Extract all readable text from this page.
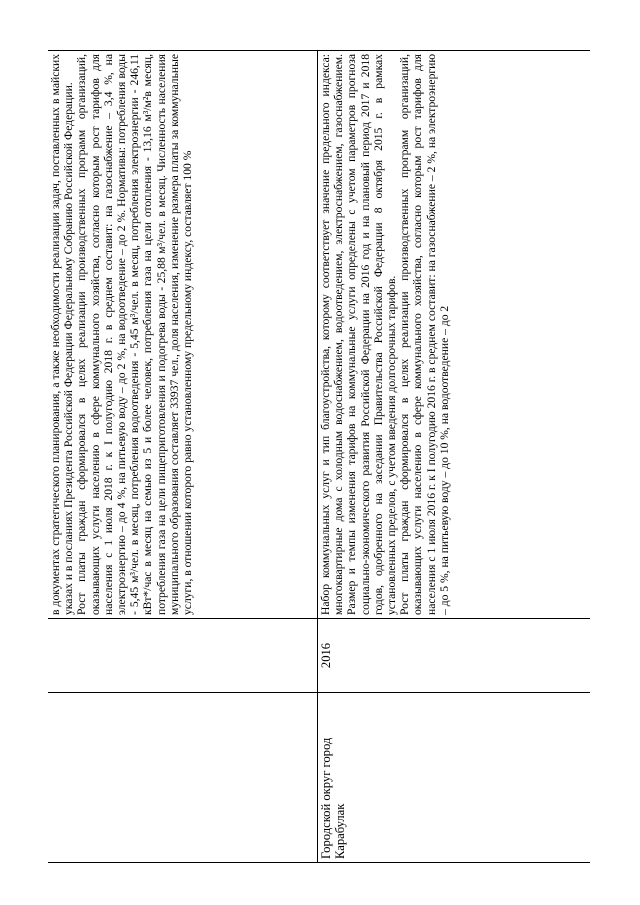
		в документах стратегического планирования, а также необходимости реализации задач, поставленных в майских указах и в посланиях Президента Российской Федерации Федеральному Собранию Российской Федерации. Рост платы граждан сформировался в целях реализации производственных программ организаций, оказывающих услуги населению в сфере коммунального хозяйства, согласно которым рост тарифов для населения с 1 июля 2018 г. к I полугодию 2018 г. в среднем составит: на газоснабжение – 3,4 %, на электроэнергию – до 4 %, на питьевую воду – до 2 %, на водоотведение – до 2 %. Нормативы: потребления воды - 5,45 м³/чел. в месяц, потребления водоотведения - 5,45 м³/чел. в месяц, потребления электроэнергии - 246,11 кВт*/час в месяц на семью из 5 и более человек, потребления газа на цели отопления - 13,16 м³/м²в месяц, потребления газа на цели пищеприготовления и подогрева воды - 25,88 м³/чел. в месяц. Численность населения муниципального образования составляет 33937 чел., доля населения, изменение размера платы за коммунальные услуги, в отношении которого равно установленному предельному индексу, составляет 100 %

Городской округ город Карабулак	2016	Набор коммунальных услуг и тип благоустройства, которому соответствует значение предельного индекса: многоквартирные дома с холодным водоснабжением, водоотведением, электроснабжением, газоснабжением. Размер и темпы изменения тарифов на коммунальные услуги определены с учетом параметров прогноза социально-экономического развития Российской Федерации на 2016 год и на плановый период 2017 и 2018 годов, одобренного на заседании Правительства Российской Федерации 8 октября 2015 г. в рамках установленных пределов, с учетом введения долгосрочных тарифов. Рост платы граждан сформировался в целях реализации производственных программ организаций, оказывающих услуги населению в сфере коммунального хозяйства, согласно которым рост тарифов для населения с 1 июля 2016 г. к I полугодию 2016 г. в среднем составит: на газоснабжение – 2 %, на электроэнергию – до 5 %, на питьевую воду – до 10 %, на водоотведение – до 2
